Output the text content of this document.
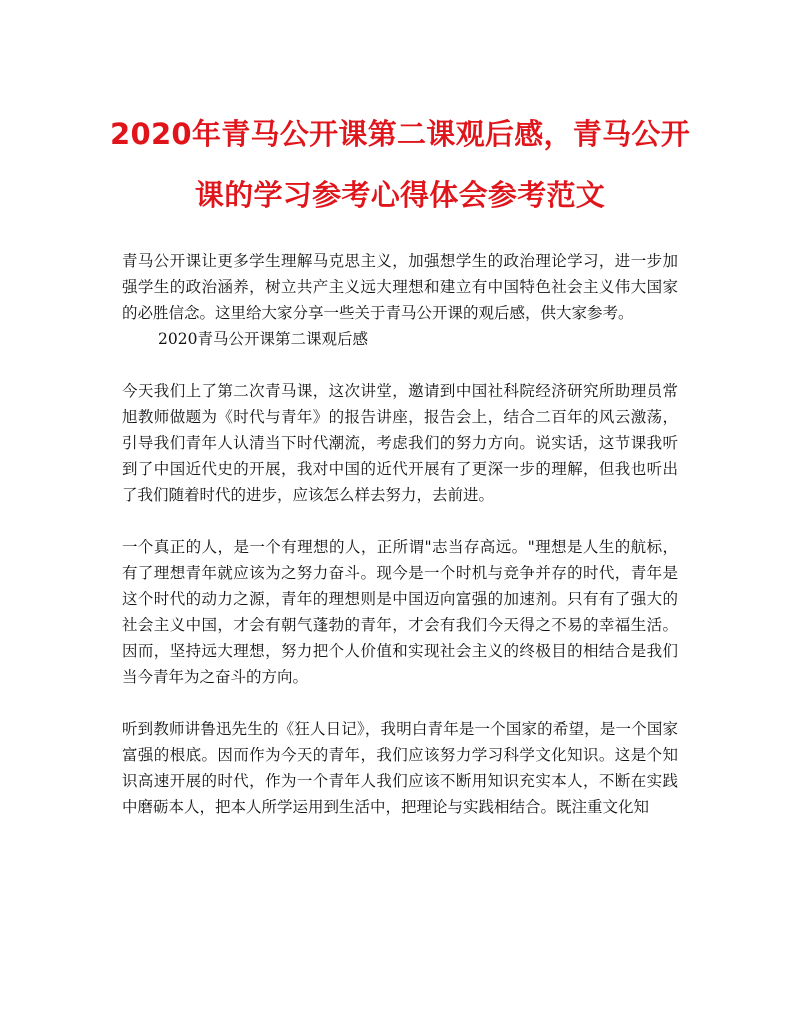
2020年青马公开课第二课观后感，青马公开课的学习参考心得体会参考范文

青马公开课让更多学生理解马克思主义，加强想学生的政治理论学习，进一步加强学生的政治涵养，树立共产主义远大理想和建立有中国特色社会主义伟大国家的必胜信念。这里给大家分享一些关于青马公开课的观后感，供大家参考。

2020青马公开课第二课观后感

今天我们上了第二次青马课，这次讲堂，邀请到中国社科院经济研究所助理员常旭教师做题为《时代与青年》的报告讲座，报告会上，结合二百年的风云激荡，引导我们青年人认清当下时代潮流，考虑我们的努力方向。说实话，这节课我听到了中国近代史的开展，我对中国的近代开展有了更深一步的理解，但我也听出了我们随着时代的进步，应该怎么样去努力，去前进。

一个真正的人，是一个有理想的人，正所谓"志当存高远。"理想是人生的航标，有了理想青年就应该为之努力奋斗。现今是一个时机与竞争并存的时代，青年是这个时代的动力之源，青年的理想则是中国迈向富强的加速剂。只有有了强大的社会主义中国，才会有朝气蓬勃的青年，才会有我们今天得之不易的幸福生活。因而，坚持远大理想，努力把个人价值和实现社会主义的终极目的相结合是我们当今青年为之奋斗的方向。

听到教师讲鲁迅先生的《狂人日记》，我明白青年是一个国家的希望，是一个国家富强的根底。因而作为今天的青年，我们应该努力学习科学文化知识。这是个知识高速开展的时代，作为一个青年人我们应该不断用知识充实本人，不断在实践中磨砺本人，把本人所学运用到生活中，把理论与实践相结合。既注重文化知
